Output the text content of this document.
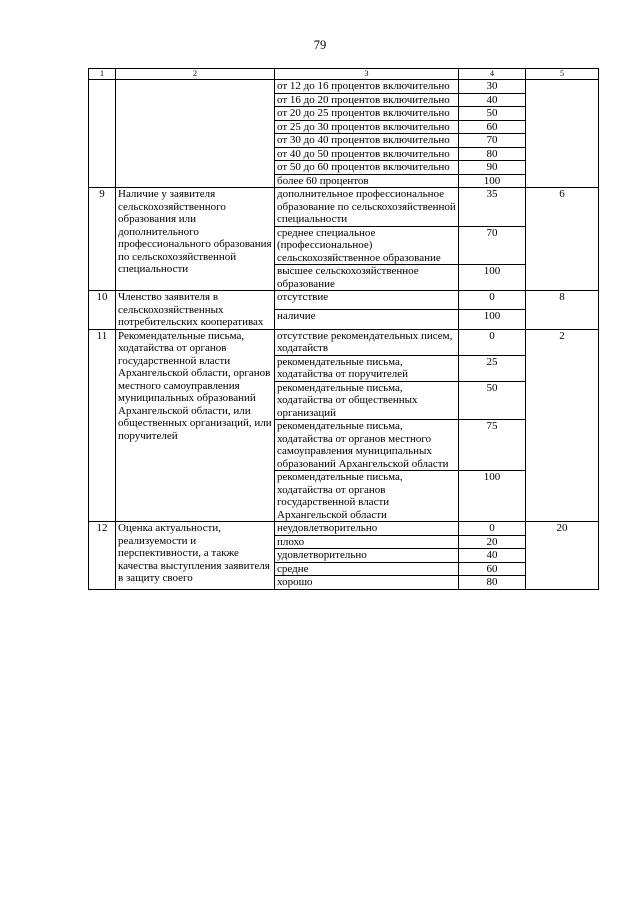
79
1	2	3	4	5
		от 12 до 16 процентов включительно	30	
		от 16 до 20 процентов включительно	40	
		от 20 до 25 процентов включительно	50	
		от 25 до 30 процентов включительно	60	
		от 30 до 40 процентов включительно	70	
		от 40 до 50 процентов включительно	80	
		от 50 до 60 процентов включительно	90	
		более 60 процентов	100	
9	Наличие у заявителя сельскохозяйственного образования или дополнительного профессионального образования по сельскохозяйственной специальности	дополнительное профессиональное образование по сельскохозяйственной специальности	35	6
		среднее специальное (профессиональное) сельскохозяйственное образование	70	
		высшее сельскохозяйственное образование	100	
10	Членство заявителя в сельскохозяйственных потребительских кооперативах	отсутствие	0	8
		наличие	100	
11	Рекомендательные письма, ходатайства от органов государственной власти Архангельской области, органов местного самоуправления муниципальных образований Архангельской области, или общественных организаций, или поручителей	отсутствие рекомендательных писем, ходатайств	0	2
		рекомендательные письма, ходатайства от поручителей	25	
		рекомендательные письма, ходатайства от общественных организаций	50	
		рекомендательные письма, ходатайства от органов местного самоуправления муниципальных образований Архангельской области	75	
		рекомендательные письма, ходатайства от органов государственной власти Архангельской области	100	
12	Оценка актуальности, реализуемости и перспективности, а также качества выступления заявителя в защиту своего	неудовлетворительно	0	20
		плохо	20	
		удовлетворительно	40	
		средне	60	
		хорошо	80	
